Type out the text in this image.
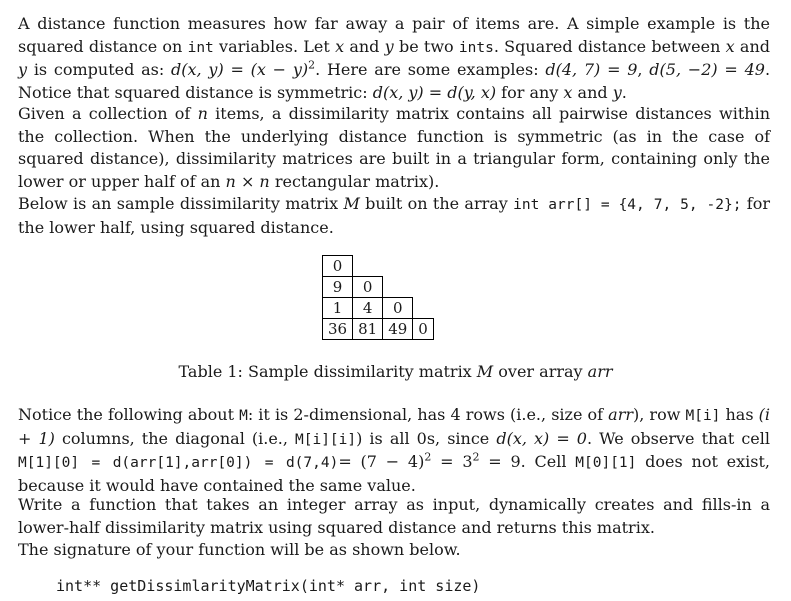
A distance function measures how far away a pair of items are. A simple example is the squared distance on int variables. Let x and y be two ints. Squared distance between x and y is computed as: d(x, $y) = (x - y)^2$. Here are some examples: d(4, 7) = 9, d(5, −2) = 49. Notice that squared distance is symmetric: d(x, y) = d(y, x) for any x and y.

Given a collection of n items, a dissimilarity matrix contains all pairwise distances within the collection. When the underlying distance function is symmetric (as in the case of squared distance), dissimilarity matrices are built in a triangular form, containing only the lower or upper half of an n × n rectangular matrix).

Below is an sample dissimilarity matrix M built on the array int arr[] = {4, 7, 5, -2}; for the lower half, using squared distance.

0			
9	0		
1	4	0	
36	81	49	0
Table 1: Sample dissimilarity matrix M over array arr

Notice the following about M: it is 2-dimensional, has 4 rows (i.e., size of arr), row M[i] has (i + 1) columns, the diagonal (i.e., M[i][i]) is all 0s, since d(x, x) = 0. We observe that cell $M[1][0] = d(arr[1],arr[0]) = d(7,4)= (7 - 4)^2 = 3^2 = 9$. Cell M[0][1] does not exist, because it would have contained the same value.

Write a function that takes an integer array as input, dynamically creates and fills-in a lower-half dissimilarity matrix using squared distance and returns this matrix.

The signature of your function will be as shown below.

int** getDissimlarityMatrix(int* arr, int size)
